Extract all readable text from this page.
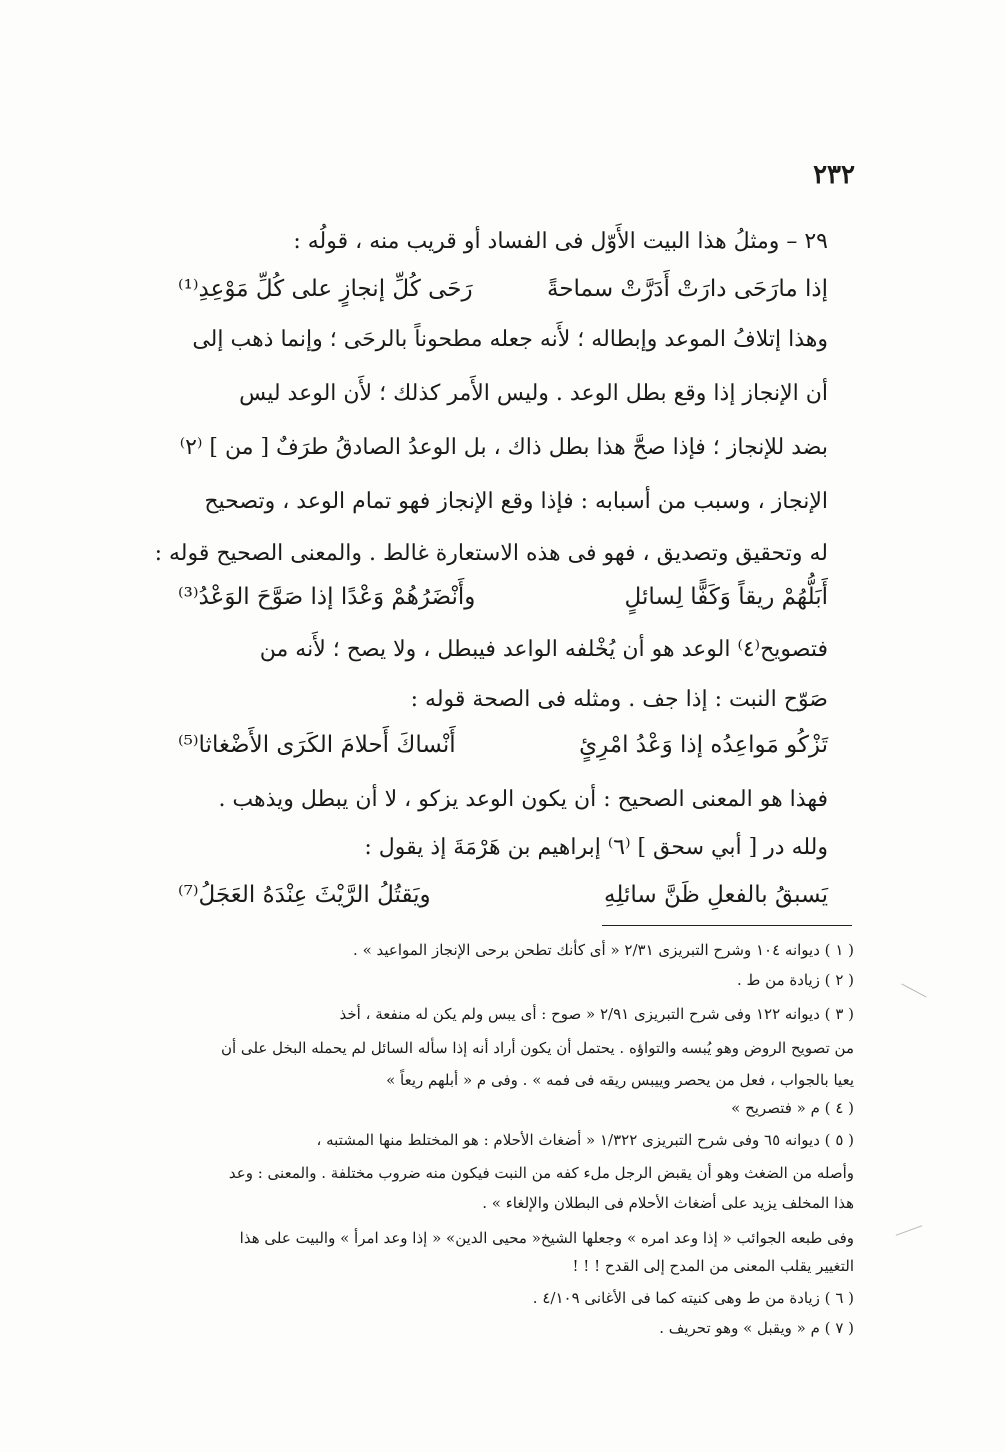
٢٣٢
٢٩ – ومثلُ هذا البيت الأَوّل فى الفساد أو قريب منه ، قولُه :
إذا مارَحَى دارَتْ أَدَرَّتْ سماحةً
رَحَى كُلِّ إنجازٍ على كُلِّ مَوْعِدِ⁽¹⁾
وهذا إتلافُ الموعد وإبطاله ؛ لأَنه جعله مطحوناً بالرحَى ؛ وإنما ذهب إلى
أن الإنجاز إذا وقع بطل الوعد . وليس الأَمر كذلك ؛ لأَن الوعد ليس
بضد للإنجاز ؛ فإذا صحَّ هذا بطل ذاك ، بل الوعدُ الصادقُ طرَفٌ [ من ] ⁽٢⁾
الإنجاز ، وسبب من أسبابه : فإذا وقع الإنجاز فهو تمام الوعد ، وتصحيح
له وتحقيق وتصديق ، فهو فى هذه الاستعارة غالط . والمعنى الصحيح قوله :
أَبَلُّهُمْ ريقاً وَكَفًّا لِسائلٍ
وأَنْضَرُهُمْ وَعْدًا إذا صَوَّحَ الوَعْدُ⁽³⁾
فتصويح⁽٤⁾ الوعد هو أن يُخْلفه الواعد فيبطل ، ولا يصح ؛ لأَنه من
صَوّح النبت : إذا جف . ومثله فى الصحة قوله :
تَزْكُو مَواعِدُه إذا وَعْدُ امْرِئٍ
أَنْساكَ أَحلامَ الكَرَى الأَضْغاثا⁽⁵⁾
فهذا هو المعنى الصحيح : أن يكون الوعد يزكو ، لا أن يبطل ويذهب .
ولله در [ أبي سحق ] ⁽٦⁾ إبراهيم بن هَرْمَةَ إذ يقول :
يَسبقُ بالفعلِ ظَنَّ سائلِهِ
ويَقتُلُ الرَّيْثَ عِنْدَهُ العَجَلُ⁽⁷⁾
( ١ ) ديوانه ١٠٤ وشرح التبريزى ٢/٣١ « أى كأنك تطحن برحى الإنجاز المواعيد » .
( ٢ ) زيادة من ط .
( ٣ ) ديوانه ١٢٢ وفى شرح التبريزى ٢/٩١ « صوح : أى يبس ولم يكن له منفعة ، أخذ
من تصويح الروض وهو يُبسه والتواؤه . يحتمل أن يكون أراد أنه إذا سأله السائل لم يحمله البخل على أن
يعيا بالجواب ، فعل من يحصر وييبس ريقه فى فمه » . وفى م « أبلهم ريعاً »
( ٤ ) م « فتصريح »
( ٥ ) ديوانه ٦٥ وفى شرح التبريزى ١/٣٢٢ « أضغاث الأحلام : هو المختلط منها المشتبه ،
وأصله من الضغث وهو أن يقبض الرجل ملء كفه من النبت فيكون منه ضروب مختلفة . والمعنى : وعد
هذا المخلف يزيد على أضغاث الأحلام فى البطلان والإلغاء » .
وفى طبعه الجوائب « إذا وعد امره » وجعلها الشيخ« محيى الدين» « إذا وعد امرأ » والبيت على هذا
التغيير يقلب المعنى من المدح إلى القدح ! ! !
( ٦ ) زيادة من ط وهى كنيته كما فى الأغانى ٤/١٠٩ .
( ٧ ) م « ويقبل » وهو تحريف .
